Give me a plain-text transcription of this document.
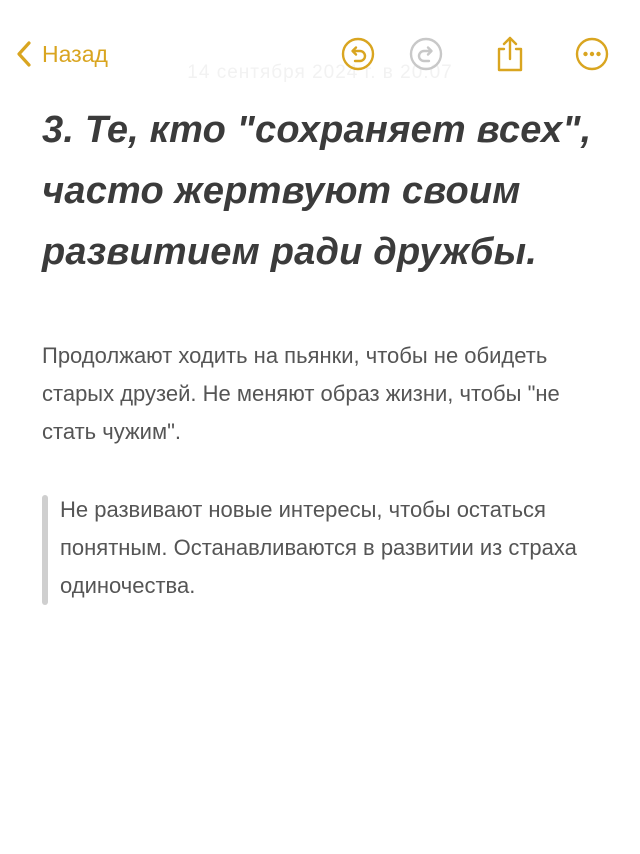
14 сентября 2024 г. в 20:07
Назад
3. Те, кто "сохраняет всех", часто жертвуют своим развитием ради дружбы.

Продолжают ходить на пьянки, чтобы не обидеть старых друзей. Не меняют образ жизни, чтобы "не стать чужим".

Не развивают новые интересы, чтобы остаться понятным. Останавливаются в развитии из страха одиночества.
